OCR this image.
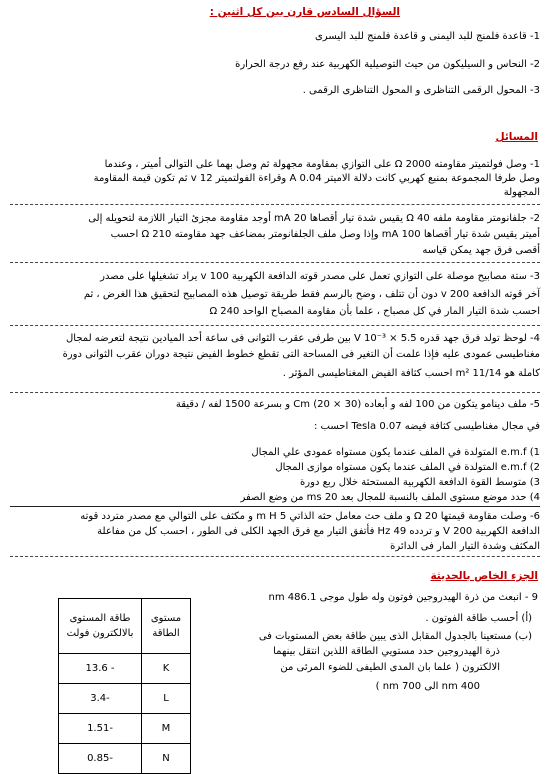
السؤال السادس قارن بين كل اثنين :
1- قاعدة فلمنج للبد اليمنى و قاعدة فلمنج للبد اليسرى
2- النحاس و السيليكون من حيث التوصيلية الكهربية عند رفع درجة الحرارة
3- المحول الرقمى التناظرى و المحول التناظرى الرقمى .
المسائل
1- وصل فولتميتر مقاومته 2000 Ω على التوازي بمقاومة مجهولة ثم وصل بهما على التوالى أميتر ، وعندما
وصل طرفا المجموعة بمنبع كهربي كانت دلالة الاميتر 0.04 A وقراءة الفولتميتر 12 v ثم تكون قيمة المقاومة
المجهولة
2- جلفانومتر مقاومة ملفه Ω 40 يقيس شدة تيار أقصاها 20 mA أوجد مقاومة مجزئ التيار اللازمة لتحويله إلى
أميتر يقيس شدة تيار أقصاها 100 mA وإذا وصل ملف الجلفانومتر بمضاعف جهد مقاومته 210 Ω احسب
أقصى فرق جهد يمكن قياسه
3- ستة مصابيح موصلة على التوازي تعمل على مصدر قوته الدافعة الكهربية 100 v يراد تشغيلها على مصدر
آخر قوته الدافعة 200 v دون أن تتلف ، وضح بالرسم فقط طريقة توصيل هذه المصابيح لتحقيق هذا الغرض ، ثم
احسب شدة التيار المار في كل مصباح ، علما بأن مقاومة المصباح الواحد 240 Ω
4- لوحظ تولد فرق جهد قدره V 10⁻³ × 5.5 بين طرفى عقرب الثوانى فى ساعة أحد الميادين نتيجة لتعرضه لمجال
مغناطيسى عمودى عليه فإذا علمت أن التغير فى المساحة التى تقطع خطوط الفيض نتيجة دوران عقرب الثوانى دورة
كاملة هو 11/14 m² احسب كثافة الفيض المغناطيسى المؤثر .
5- ملف دينامو يتكون من 100 لفه و أبعاده (30 × 20) Cm و بسرعة 1500 لفه / دقيقة
في مجال مغناطيسى كثافة فيضه 0.07 Tesla احسب :
1) e.m.f المتولدة في الملف عندما يكون مستواه عمودى علي المجال
2) e.m.f المتولدة في الملف عندما يكون مستواه موازى المجال
3) متوسط القوة الدافعة الكهربية المستحثة خلال ربع دورة
4) حدد موضع مستوى الملف بالنسبة للمجال بعد 20 ms من وضع الصفر
6- وصلت مقاومة قيمتها 20 Ω و ملف حث معامل حثه الذاتي 5 m H و مكثف على التوالي مع مصدر متردد قوته
الدافعة الكهربية 200 V و تردده 49 Hz فأتفق التيار مع فرق الجهد الكلى فى الطور ، احسب كل من مفاعلة
المكثف وشدة التيار المار فى الدائرة
الجزء الخاص بالحديثة
9 - انبعث من ذرة الهيدروجين فوتون وله طول موجى 486.1 nm
(أ) أحسب طاقة الفوتون .
(ب) مستعينا بالجدول المقابل الذى يبين طاقة بعض المستويات فى
ذرة الهيدروجين حدد مستويي الطاقة اللذين انتقل بينهما
الالكترون ( علما بان المدى الطيفى للضوء المرئى من
400 nm الى 700 nm )
مستوى الطاقة	طاقة المستوى بالالكترون فولت
K	- 13.6
L	-3.4
M	-1.51
N	-0.85
